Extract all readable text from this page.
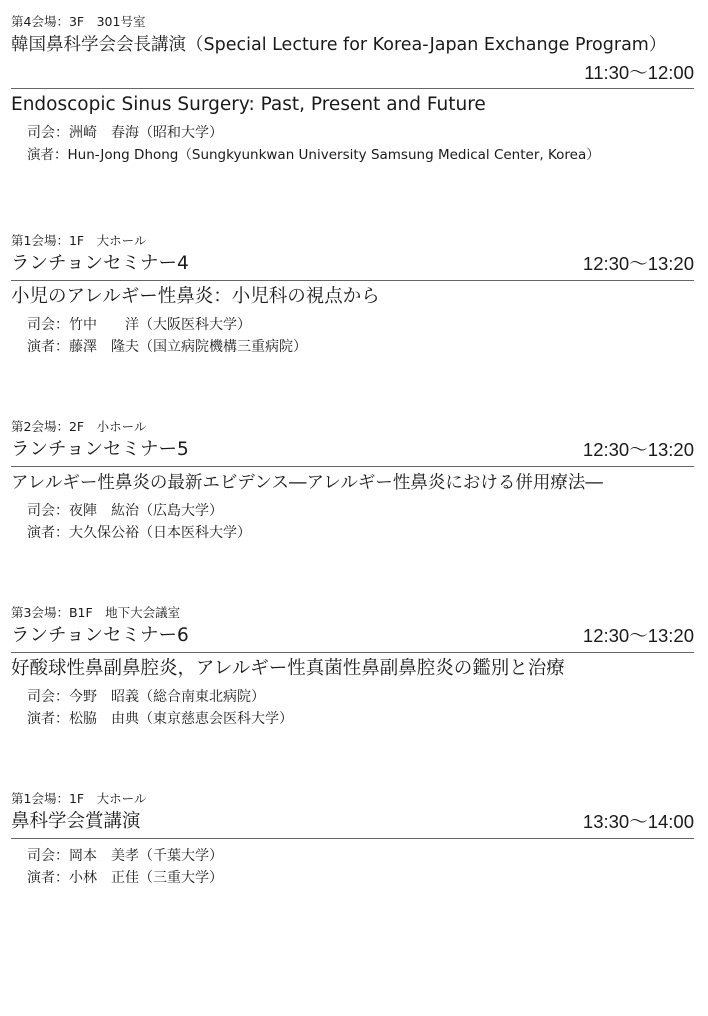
第4会場：3F　301号室
韓国鼻科学会会長講演（Special Lecture for Korea-Japan Exchange Program）
11:30～12:00
Endoscopic Sinus Surgery: Past, Present and Future
司会：洲崎　春海（昭和大学）
演者：Hun-Jong Dhong（Sungkyunkwan University Samsung Medical Center, Korea）
第1会場：1F　大ホール
ランチョンセミナー4	12:30～13:20
小児のアレルギー性鼻炎：小児科の視点から
司会：竹中　　洋（大阪医科大学）
演者：藤澤　隆夫（国立病院機構三重病院）
第2会場：2F　小ホール
ランチョンセミナー5	12:30～13:20
アレルギー性鼻炎の最新エビデンス―アレルギー性鼻炎における併用療法―
司会：夜陣　紘治（広島大学）
演者：大久保公裕（日本医科大学）
第3会場：B1F　地下大会議室
ランチョンセミナー6	12:30～13:20
好酸球性鼻副鼻腔炎，アレルギー性真菌性鼻副鼻腔炎の鑑別と治療
司会：今野　昭義（総合南東北病院）
演者：松脇　由典（東京慈恵会医科大学）
第1会場：1F　大ホール
鼻科学会賞講演	13:30～14:00
司会：岡本　美孝（千葉大学）
演者：小林　正佳（三重大学）
